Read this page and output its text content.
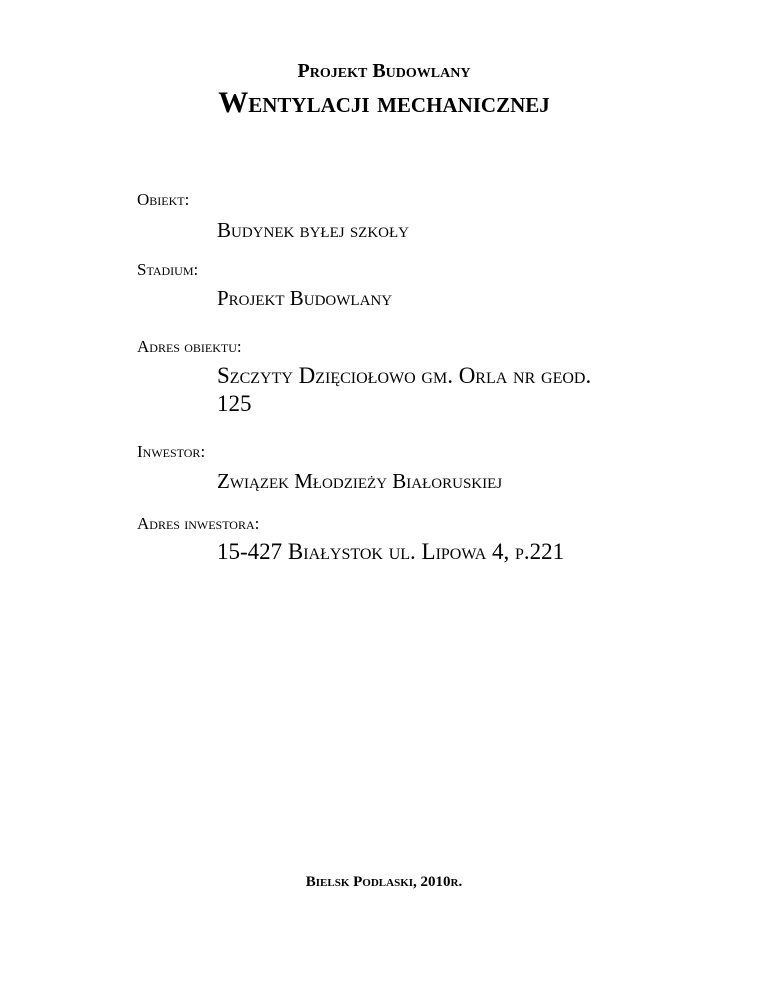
Projekt Budowlany
Wentylacji mechanicznej
Obiekt:
Budynek byłej szkoły
Stadium:
Projekt Budowlany
Adres obiektu:
Szczyty Dzięciołowo gm. Orla nr geod.
125
Inwestor:
Związek Młodzieży Białoruskiej
Adres inwestora:
15-427 Białystok ul. Lipowa 4, p.221
Bielsk Podlaski, 2010r.
